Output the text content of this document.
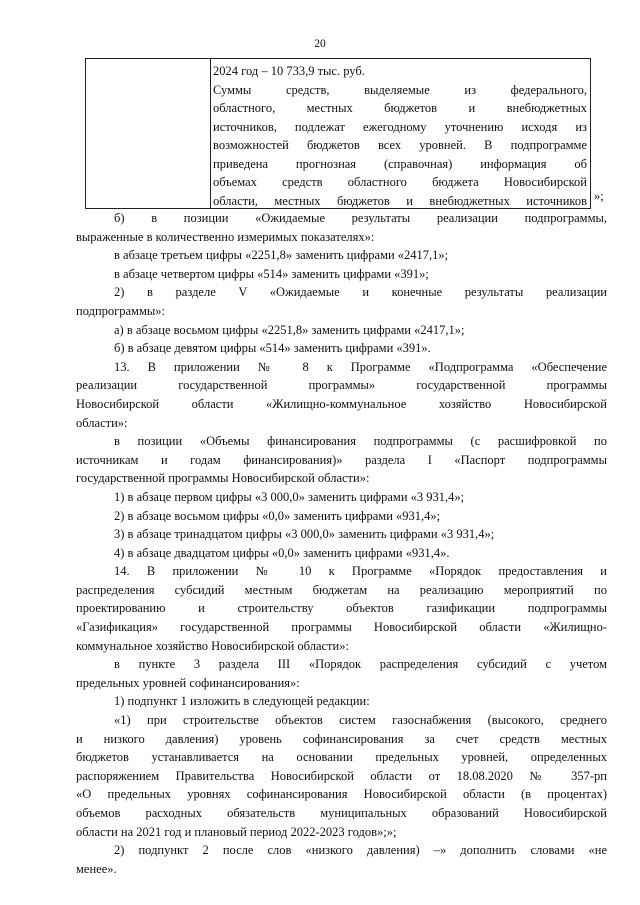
20
2024 год – 10 733,9 тыс. руб.
Суммы средств, выделяемые из федерального,
областного, местных бюджетов и внебюджетных
источников, подлежат ежегодному уточнению исходя из
возможностей бюджетов всех уровней. В подпрограмме
приведена прогнозная (справочная) информация об
объемах средств областного бюджета Новосибирской
области, местных бюджетов и внебюджетных источников »;
б) в позиции «Ожидаемые результаты реализации подпрограммы,
выраженные в количественно измеримых показателях»:
в абзаце третьем цифры «2251,8» заменить цифрами «2417,1»;
в абзаце четвертом цифры «514» заменить цифрами «391»;
2) в разделе V «Ожидаемые и конечные результаты реализации
подпрограммы»:
а) в абзаце восьмом цифры «2251,8» заменить цифрами «2417,1»;
б) в абзаце девятом цифры «514» заменить цифрами «391».
13. В приложении № 8 к Программе «Подпрограмма «Обеспечение
реализации государственной программы» государственной программы
Новосибирской области «Жилищно-коммунальное хозяйство Новосибирской
области»:
в позиции «Объемы финансирования подпрограммы (с расшифровкой по
источникам и годам финансирования)» раздела I «Паспорт подпрограммы
государственной программы Новосибирской области»:
1) в абзаце первом цифры «3 000,0» заменить цифрами «3 931,4»;
2) в абзаце восьмом цифры «0,0» заменить цифрами «931,4»;
3) в абзаце тринадцатом цифры «3 000,0» заменить цифрами «3 931,4»;
4) в абзаце двадцатом цифры «0,0» заменить цифрами «931,4».
14. В приложении № 10 к Программе «Порядок предоставления и
распределения субсидий местным бюджетам на реализацию мероприятий по
проектированию и строительству объектов газификации подпрограммы
«Газификация» государственной программы Новосибирской области «Жилищно-
коммунальное хозяйство Новосибирской области»:
в пункте 3 раздела III «Порядок распределения субсидий с учетом
предельных уровней софинансирования»:
1) подпункт 1 изложить в следующей редакции:
«1) при строительстве объектов систем газоснабжения (высокого, среднего
и низкого давления) уровень софинансирования за счет средств местных
бюджетов устанавливается на основании предельных уровней, определенных
распоряжением Правительства Новосибирской области от 18.08.2020 № 357-рп
«О предельных уровнях софинансирования Новосибирской области (в процентах)
объемов расходных обязательств муниципальных образований Новосибирской
области на 2021 год и плановый период 2022-2023 годов»;»;
2) подпункт 2 после слов «низкого давления) –» дополнить словами «не
менее».
